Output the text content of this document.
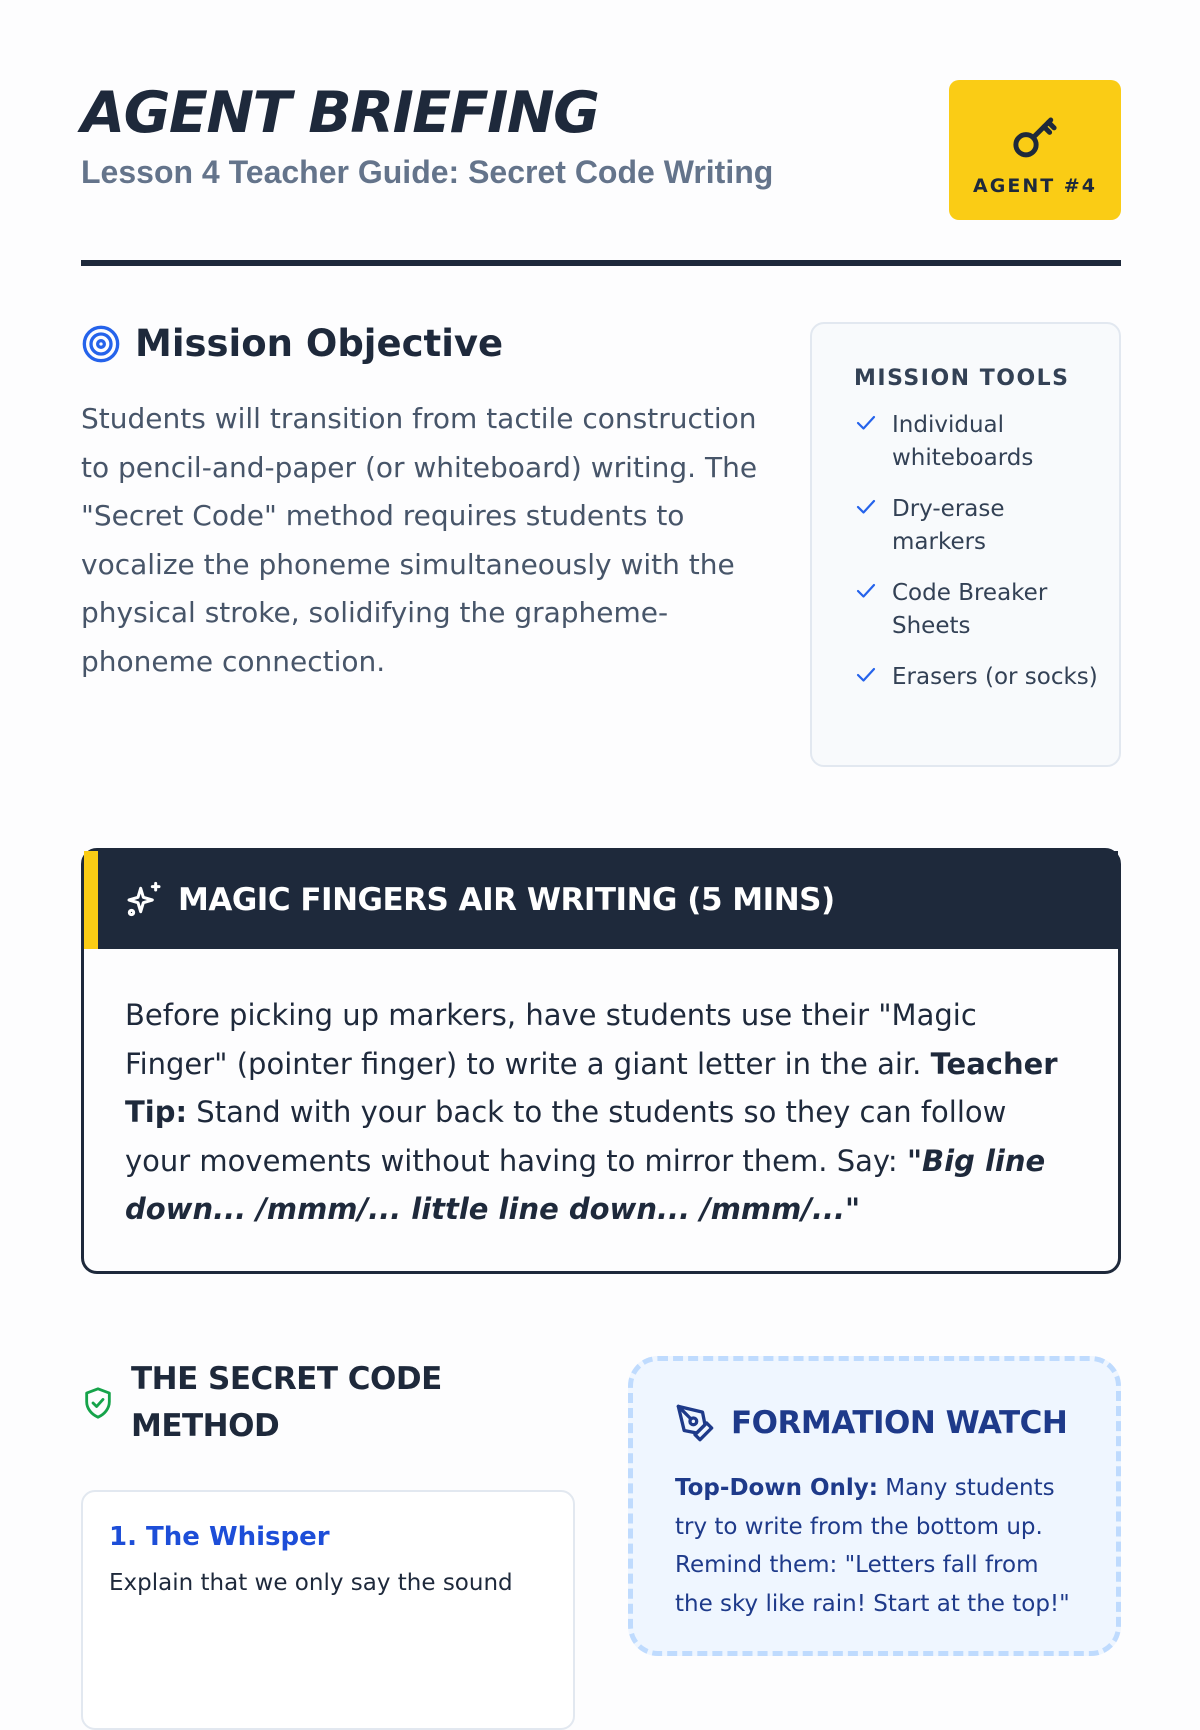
AGENT BRIEFING
Lesson 4 Teacher Guide: Secret Code Writing	AGENT #4
Mission Objective

Students will transition from tactile construction to pencil-and-paper (or whiteboard) writing. The "Secret Code" method requires students to vocalize the phoneme simultaneously with the physical stroke, solidifying the grapheme-phoneme connection.

MISSION TOOLS
Individual whiteboards
Dry-erase markers
Code Breaker Sheets
Erasers (or socks)
MAGIC FINGERS AIR WRITING (5 MINS)
Before picking up markers, have students use their "Magic Finger" (pointer finger) to write a giant letter in the air. Teacher Tip: Stand with your back to the students so they can follow your movements without having to mirror them. Say: "Big line down... /mmm/... little line down... /mmm/..."
THE SECRET CODE METHOD
1. The Whisper
Explain that we only say the sound
FORMATION WATCH
Top-Down Only: Many students try to write from the bottom up. Remind them: "Letters fall from the sky like rain! Start at the top!"
